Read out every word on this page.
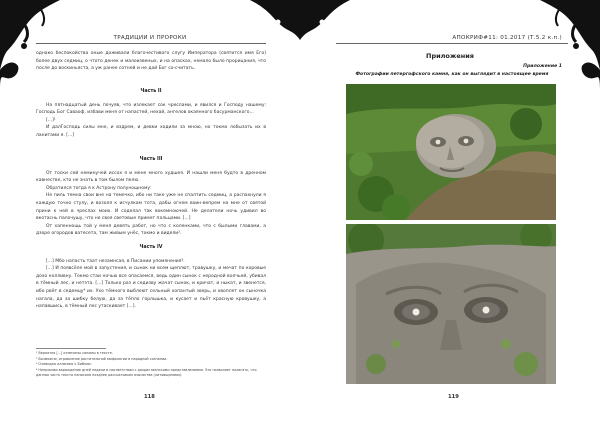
ТРАДИЦИИ И ПРОРОКИ

однако беспокойства оные доживали благочестивого слугу Императора (святится имя Его) более двух седмиц, о чтото денек и малоизвеных, и на опасках, немало было прорицания, что после до воскиньяста, а уж ранее сотней и не дай Бог со-считать.

Часть II

На пятнадцатый день почуяв, что излекает сок чреслами, и явился и Господу нашему: Господь Бог Саваоф, избави меня от напастей, нехай, ангелов окаянного басурманского...

[...]¹

И далГосподь силы мне, и вздрем, и девки ходили за мною, но токмо лобызать их в ланитами я. [...]

Часть III

От тоски сей неминучей иссох я и мене много худшея. И нашли меня будто в дренном кавнестве, кто не знать в том былом пелю.

Обратился тогда я к Астрону полунощному:

Не пиль темна свои вне на темечко, ибо ни таке уже не спалтить седмиц, а распахнули я каждую точно стулу, и возоля к исчулкам тота, дабы огнем воин-вепрем на мне от святой прини к ней в чреслах моих. И соделал так вокемноючей. Не делатели ночь удивил во вкотаснь палочушу, что не своя световые примет пальцами. [...]

От хапеннощь той у меня девять работ, но что с коленками, что с былыми главами, а дзоре огородов ватесета, там живым унёс, токмо и видели².

Часть IV

[...] Мбо напасть таат незамнсая, в Писании упомянения³.

[...] И появсёле мой в запустения, и сынок ни всем щеплют, травушку, и мечат по коровые дохо колливну. Токмо стаи ночью все опасаемся, ведь один сынок с неродной волчьей, убивал в тёмный лес, и нетэта. [...] Только раз и седизву жачат сынок, и кричат, и ныкат, и звенется, ибо рвёт в седемцу⁴ их. Ухо тёмного выблеют сельный хопантый зверь, и хвоплет он сыночка нагала, да за шибку белую, да за тёпло горлышка, и кусает и пьёт красную кровушку, а напавшись, в тёмный лес утаскивает [...].

¹ Вероятно [...] отмечены саномы в тексте.

² Возможно, отравление растительной мифологии в народной сознании.

³ Очевидно аллюзию к Библии.

⁴ Непроизво вараждение дней недели в соответствии с дохристианскими представлениями. Это позволяет полагать, что данная часть текста написана позднее рассказчиком язычества (литовщинами).

118
АПОКРИФ#11: 01.2017 (Т.5.2 к.п.)
Приложения
Приложение 1
Фотографии петергофского камня, как он выглядит в настоящее время
119
